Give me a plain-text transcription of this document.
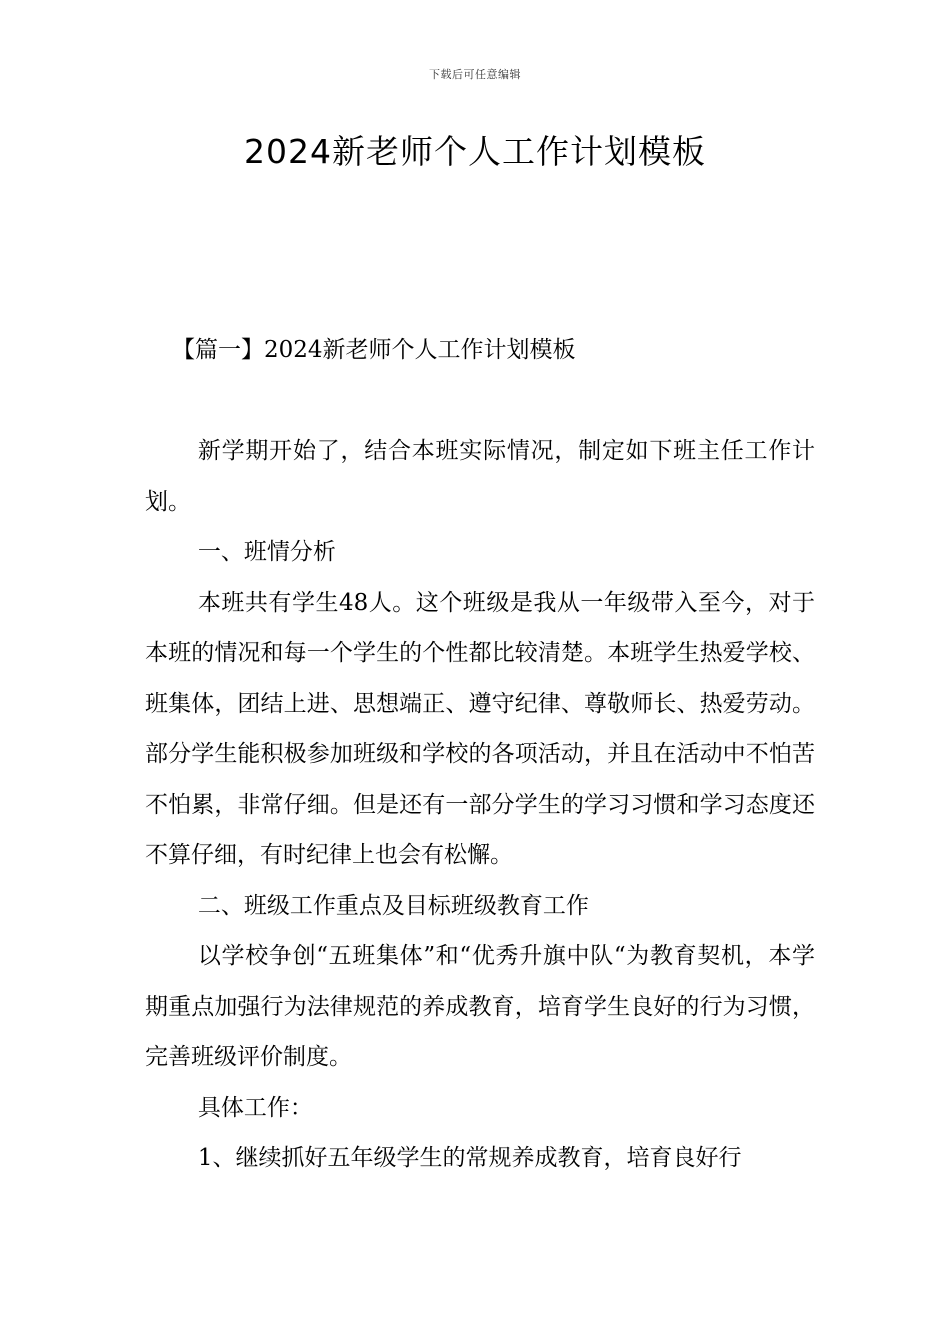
下载后可任意编辑
2024新老师个人工作计划模板
【篇一】2024新老师个人工作计划模板

新学期开始了，结合本班实际情况，制定如下班主任工作计划。

一、班情分析

本班共有学生48人。这个班级是我从一年级带入至今，对于本班的情况和每一个学生的个性都比较清楚。本班学生热爱学校、班集体，团结上进、思想端正、遵守纪律、尊敬师长、热爱劳动。部分学生能积极参加班级和学校的各项活动，并且在活动中不怕苦不怕累，非常仔细。但是还有一部分学生的学习习惯和学习态度还不算仔细，有时纪律上也会有松懈。

二、班级工作重点及目标班级教育工作

以学校争创“五班集体”和“优秀升旗中队“为教育契机，本学期重点加强行为法律规范的养成教育，培育学生良好的行为习惯，完善班级评价制度。

具体工作：

1、继续抓好五年级学生的常规养成教育，培育良好行
